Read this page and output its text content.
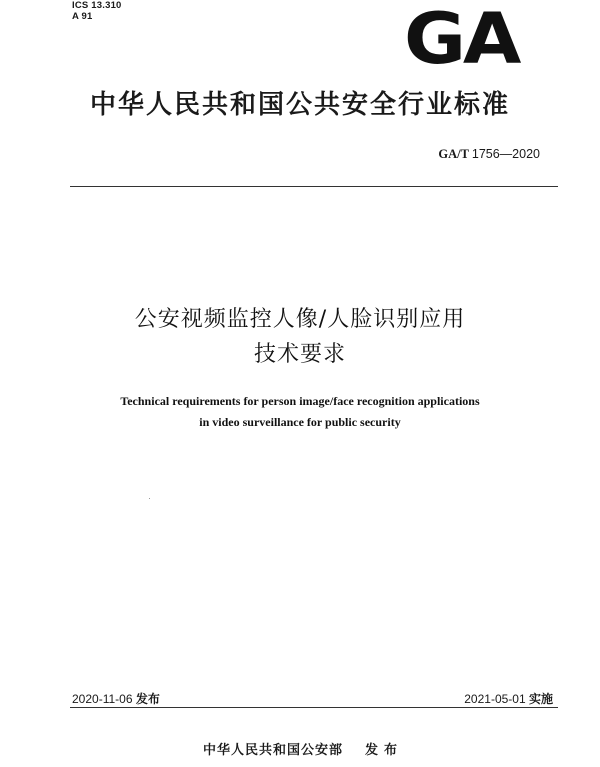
ICS 13.310
A 91	GA
中华人民共和国公共安全行业标准
GA/T 1756—2020
公安视频监控人像/人脸识别应用
技术要求
Technical requirements for person image/face recognition applications
in video surveillance for public security
2020-11-06 发布	2021-05-01 实施
中华人民共和国公安部 发布
